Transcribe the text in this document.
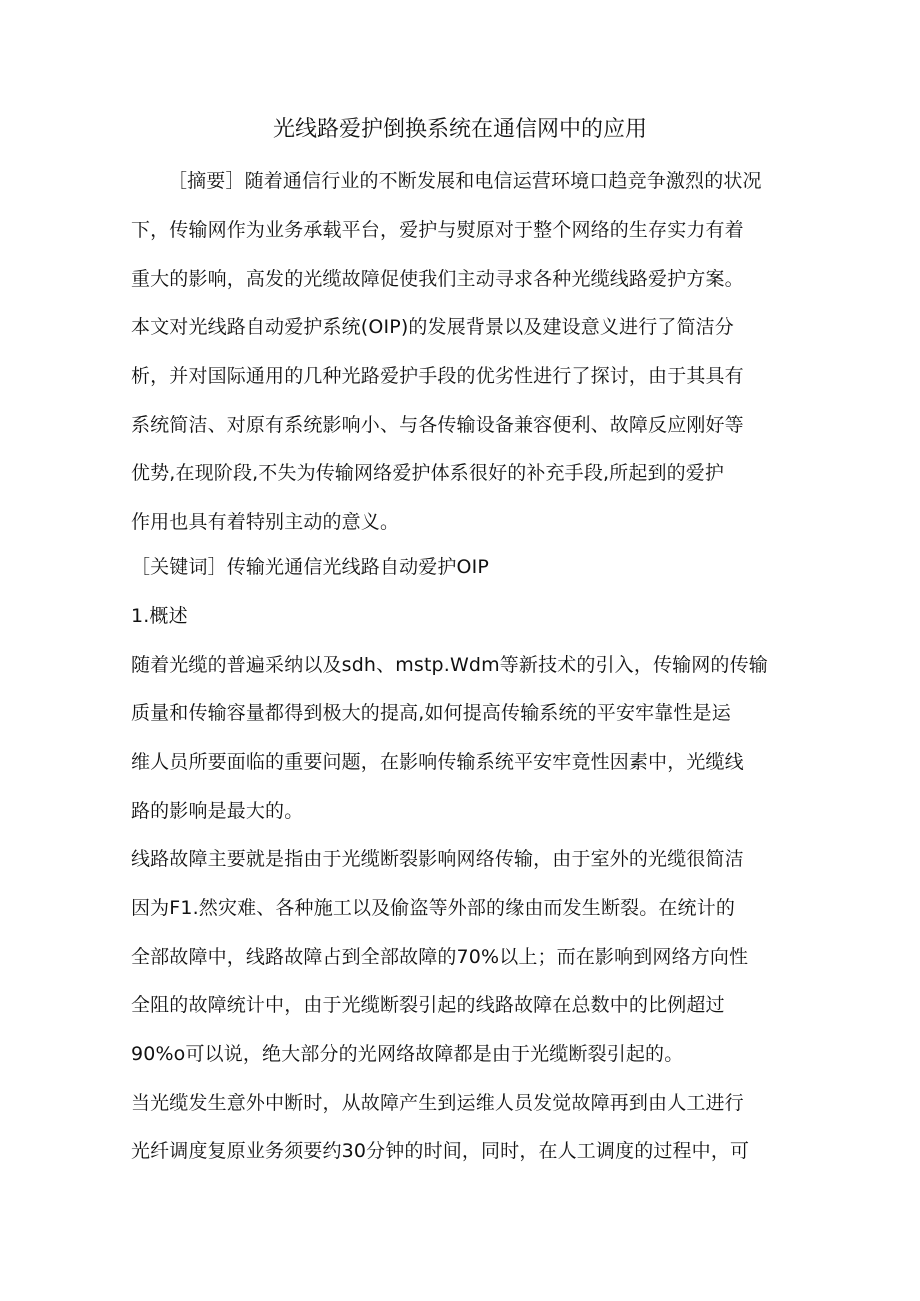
光线路爱护倒换系统在通信网中的应用
［摘要］随着通信行业的不断发展和电信运营环境口趋竞争激烈的状况
下，传输网作为业务承载平台，爱护与熨原对于整个网络的生存实力有着
重大的影响，高发的光缆故障促使我们主动寻求各种光缆线路爱护方案。
本文对光线路自动爱护系统(OIP)的发展背景以及建设意义进行了简洁分
析，并对国际通用的几种光路爱护手段的优劣性进行了探讨，由于其具有
系统简洁、对原有系统影响小、与各传输设备兼容便利、故障反应刚好等
优势,在现阶段,不失为传输网络爱护体系很好的补充手段,所起到的爱护
作用也具有着特别主动的意义。
［关键词］传输光通信光线路自动爱护OIP
1.概述
随着光缆的普遍采纳以及sdh、mstp.Wdm等新技术的引入，传输网的传输
质量和传输容量都得到极大的提高,如何提高传输系统的平安牢靠性是运
维人员所要面临的重要问题，在影响传输系统平安牢竟性因素中，光缆线
路的影响是最大的。
线路故障主要就是指由于光缆断裂影响网络传输，由于室外的光缆很简洁
因为F1.然灾难、各种施工以及偷盗等外部的缘由而发生断裂。在统计的
全部故障中，线路故障占到全部故障的70%以上；而在影响到网络方向性
全阻的故障统计中，由于光缆断裂引起的线路故障在总数中的比例超过
90%o可以说，绝大部分的光网络故障都是由于光缆断裂引起的。
当光缆发生意外中断时，从故障产生到运维人员发觉故障再到由人工进行
光纤调度复原业务须要约30分钟的时间，同时，在人工调度的过程中，可
